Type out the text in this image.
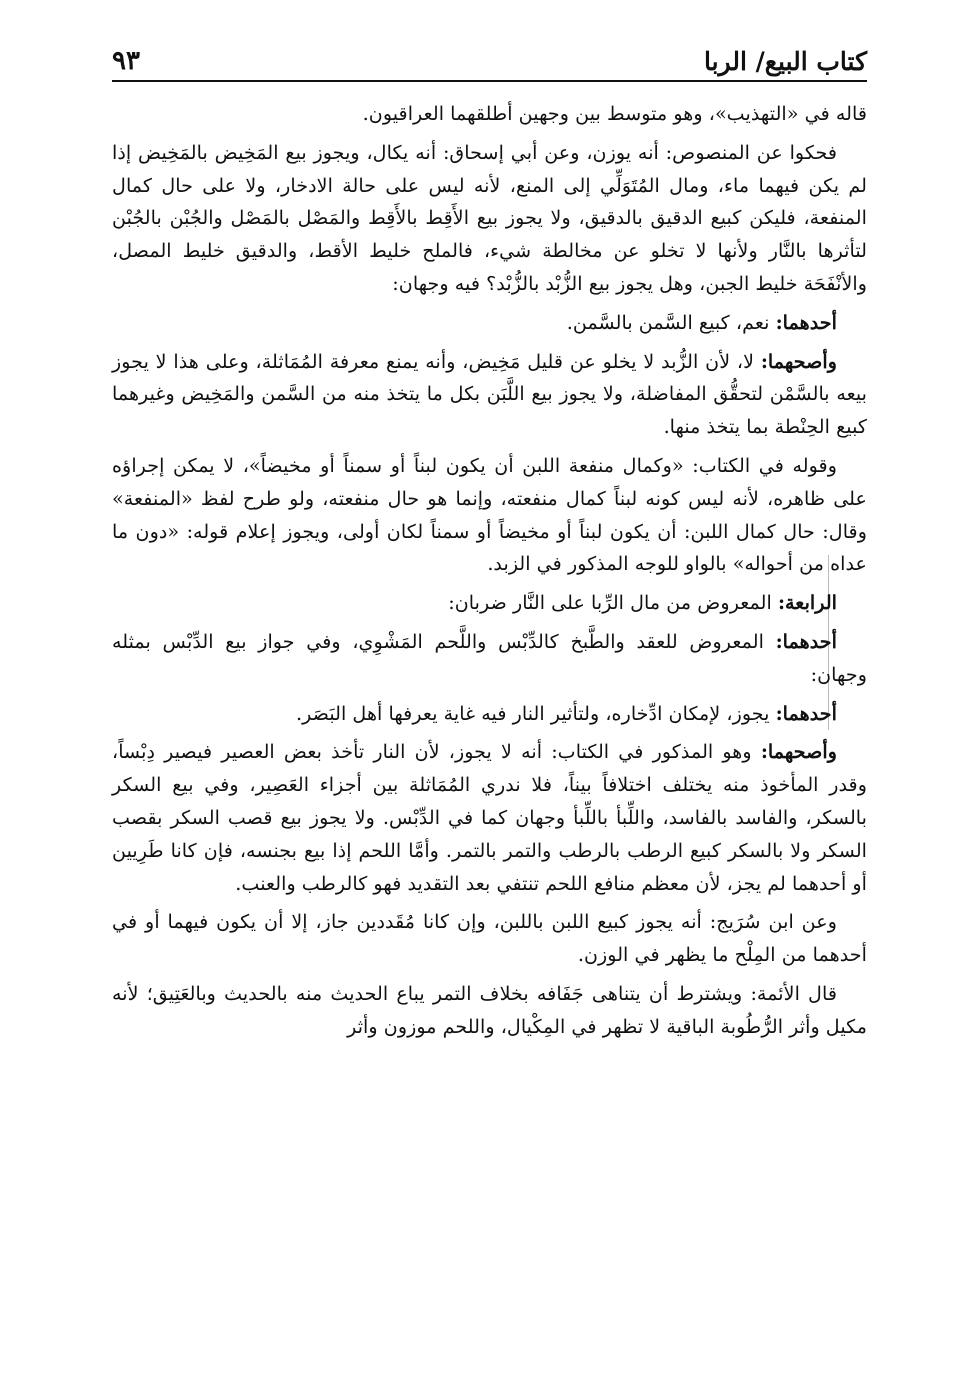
كتاب البيع/ الربا
٩٣

قاله في «التهذيب»، وهو متوسط بين وجهين أطلقهما العراقيون.

فحكوا عن المنصوص: أنه يوزن، وعن أبي إسحاق: أنه يكال، ويجوز بيع المَخِيض بالمَخِيض إذا لم يكن فيهما ماء، ومال المُتَوَلِّي إلى المنع، لأنه ليس على حالة الادخار، ولا على حال كمال المنفعة، فليكن كبيع الدقيق بالدقيق، ولا يجوز بيع الأَقِط بالأَقِط والمَصْل بالمَصْل والجُبْن بالجُبْن لتأثرها بالنَّار ولأنها لا تخلو عن مخالطة شيء، فالملح خليط الأقط، والدقيق خليط المصل، والأنْفَحَة خليط الجبن، وهل يجوز بيع الزُّبْد بالزُّبْد؟ فيه وجهان:

أحدهما: نعم، كبيع السَّمن بالسَّمن.

وأصحهما: لا، لأن الزُّبد لا يخلو عن قليل مَخِيض، وأنه يمنع معرفة المُمَاثلة، وعلى هذا لا يجوز بيعه بالسَّمْن لتحقُّق المفاضلة، ولا يجوز بيع اللَّبَن بكل ما يتخذ منه من السَّمن والمَخِيض وغيرهما كبيع الحِنْطة بما يتخذ منها.

وقوله في الكتاب: «وكمال منفعة اللبن أن يكون لبناً أو سمناً أو مخيضاً»، لا يمكن إجراؤه على ظاهره، لأنه ليس كونه لبناً كمال منفعته، وإنما هو حال منفعته، ولو طرح لفظ «المنفعة» وقال: حال كمال اللبن: أن يكون لبناً أو مخيضاً أو سمناً لكان أولى، ويجوز إعلام قوله: «دون ما عداه من أحواله» بالواو للوجه المذكور في الزبد.

الرابعة: المعروض من مال الرِّبا على النَّار ضربان:

أحدهما: المعروض للعقد والطَّبخ كالدِّبْس واللَّحم المَشْوِي، وفي جواز بيع الدِّبْس بمثله وجهان:

أحدهما: يجوز، لإمكان ادِّخاره، ولتأثير النار فيه غاية يعرفها أهل البَصَر.

وأصحهما: وهو المذكور في الكتاب: أنه لا يجوز، لأن النار تأخذ بعض العصير فيصير دِبْساً، وقدر المأخوذ منه يختلف اختلافاً بيناً، فلا ندري المُمَاثلة بين أجزاء العَصِير، وفي بيع السكر بالسكر، والفاسد بالفاسد، واللِّبأ باللِّبأ وجهان كما في الدِّبْس. ولا يجوز بيع قصب السكر بقصب السكر ولا بالسكر كبيع الرطب بالرطب والتمر بالتمر. وأمَّا اللحم إذا بيع بجنسه، فإن كانا طَرِيين أو أحدهما لم يجز، لأن معظم منافع اللحم تنتفي بعد التقديد فهو كالرطب والعنب.

وعن ابن سُرَيج: أنه يجوز كبيع اللبن باللبن، وإن كانا مُقَددين جاز، إلا أن يكون فيهما أو في أحدهما من المِلْح ما يظهر في الوزن.

قال الأئمة: ويشترط أن يتناهى جَفَافه بخلاف التمر يباع الحديث منه بالحديث وبالعَتِيق؛ لأنه مكيل وأثر الرُّطُوبة الباقية لا تظهر في المِكْيال، واللحم موزون وأثر
